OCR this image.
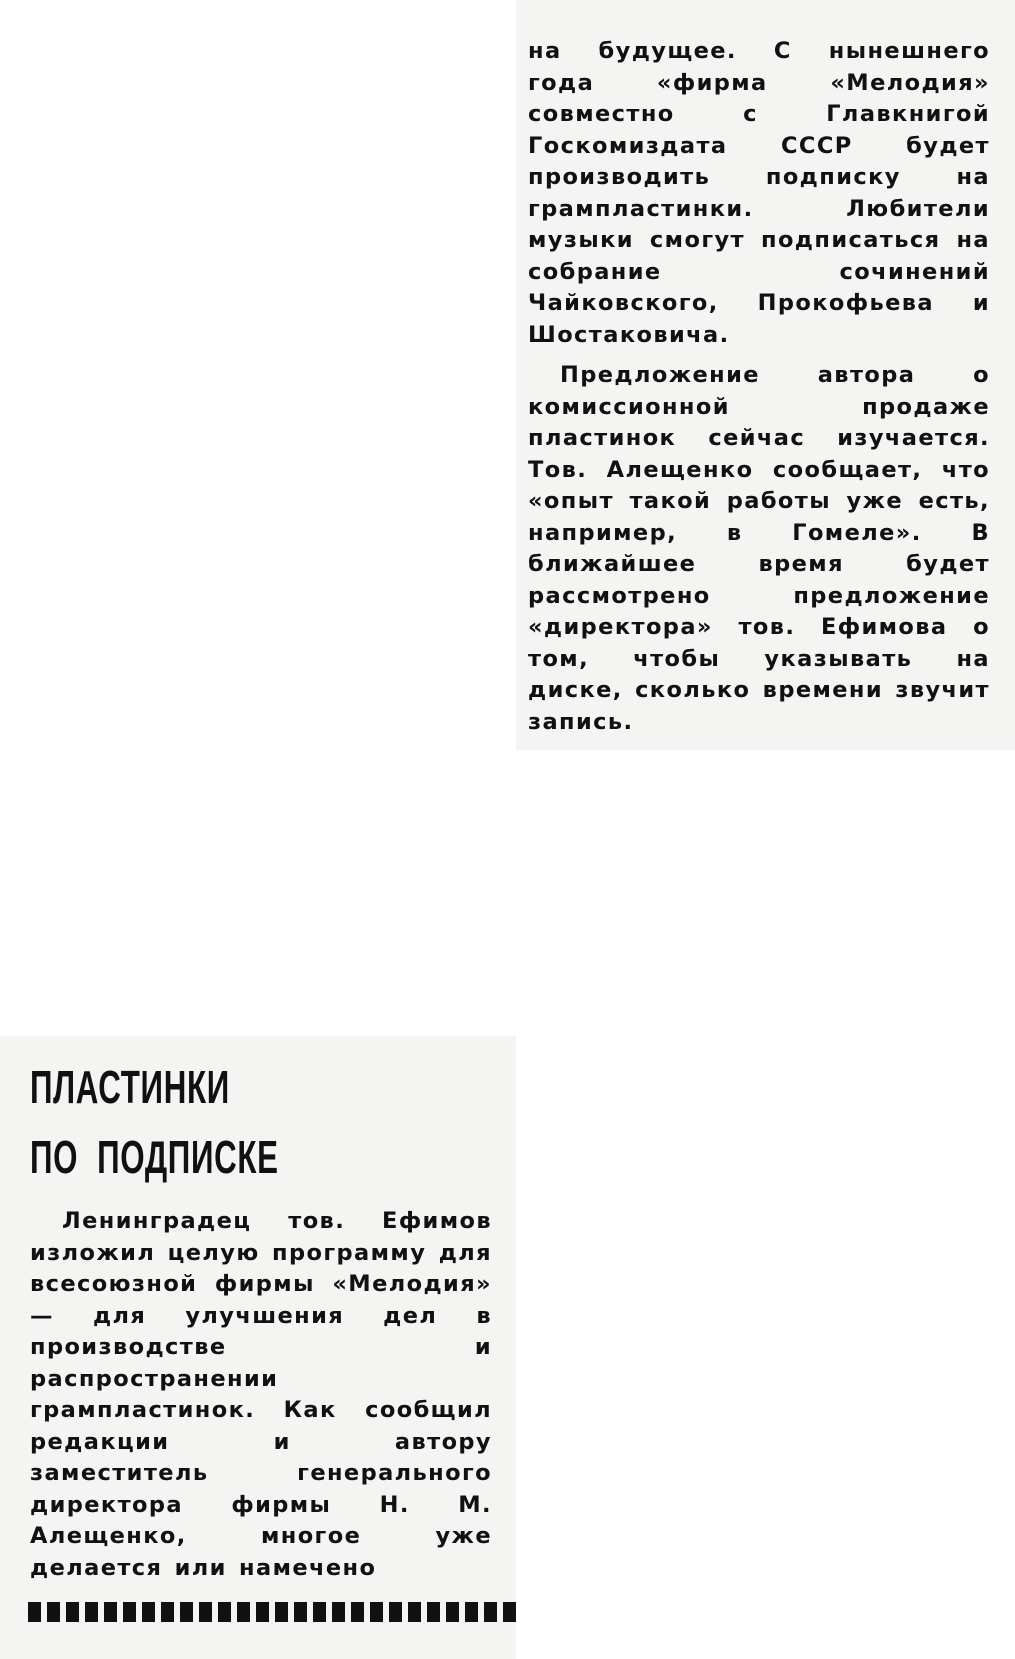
на будущее. С нынешнего года «фирма «Мелодия» совместно с Главкнигой Госкомиздата СССР будет производить подписку на грампластинки. Любители музыки смогут подписаться на собрание сочинений Чайковского, Прокофьева и Шостаковича.

Предложение автора о комиссионной продаже пластинок сейчас изучается. Тов. Алещенко сообщает, что «опыт такой работы уже есть, например, в Гомеле». В ближайшее время будет рассмотрено предложение «директора» тов. Ефимова о том, чтобы указывать на диске, сколько времени звучит запись.

ПЛАСТИНКИ
ПО ПОДПИСКЕ

Ленинградец тов. Ефимов изложил целую программу для всесоюзной фирмы «Мелодия» — для улучшения дел в производстве и распространении грампластинок. Как сообщил редакции и автору заместитель генерального директора фирмы Н. М. Алещенко, многое уже делается или намечено
